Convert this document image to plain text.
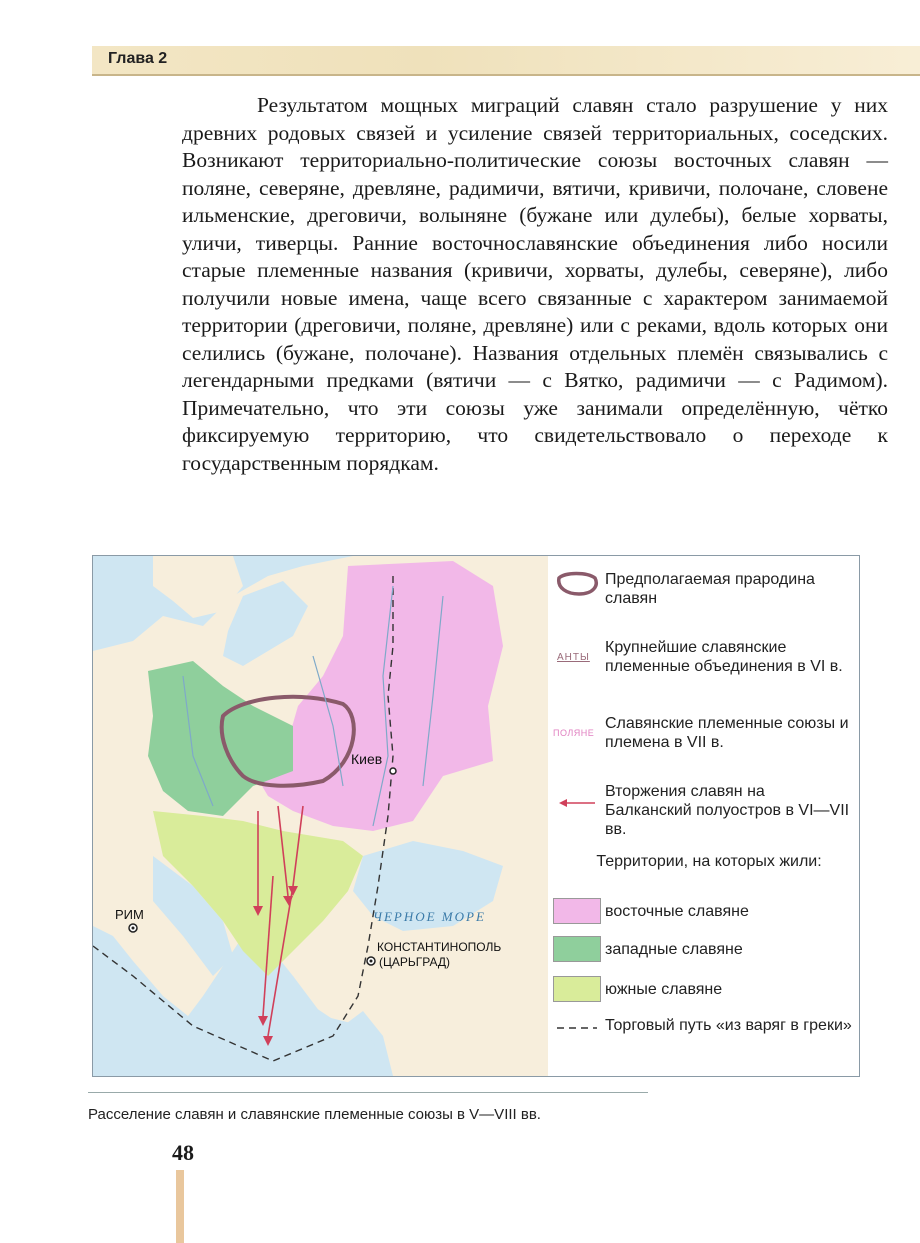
Глава 2
Результатом мощных миграций славян стало разрушение у них древних родовых связей и усиление связей территориальных, соседских. Возникают территориально-политические союзы восточных славян — поляне, северяне, древляне, радимичи, вятичи, кривичи, полочане, словене ильменские, дреговичи, волыняне (бужане или дулебы), белые хорваты, уличи, тиверцы. Ранние восточнославянские объединения либо носили старые племенные названия (кривичи, хорваты, дулебы, северяне), либо получили новые имена, чаще всего связанные с характером занимаемой территории (дреговичи, поляне, древляне) или с реками, вдоль которых они селились (бужане, полочане). Названия отдельных племён связывались с легендарными предками (вятичи — с Вятко, радимичи — с Радимом). Примечательно, что эти союзы уже занимали определённую, чётко фиксируемую территорию, что свидетельствовало о переходе к государственным порядкам.
Киев
РИМ
КОНСТАНТИНОПОЛЬ
(ЦАРЬГРАД)
ЧЕРНОЕ МОРЕ
Предполагаемая прародина славян
АНТЫ
Крупнейшие славянские племенные объединения в VI в.
ПОЛЯНЕ
Славянские племенные союзы и племена в VII в.
Вторжения славян на Балканский полуостров в VI—VII вв.
Территории, на которых жили:
восточные славяне
западные славяне
южные славяне
Торговый путь «из варяг в греки»
Расселение славян и славянские племенные союзы в V—VIII вв.
48
